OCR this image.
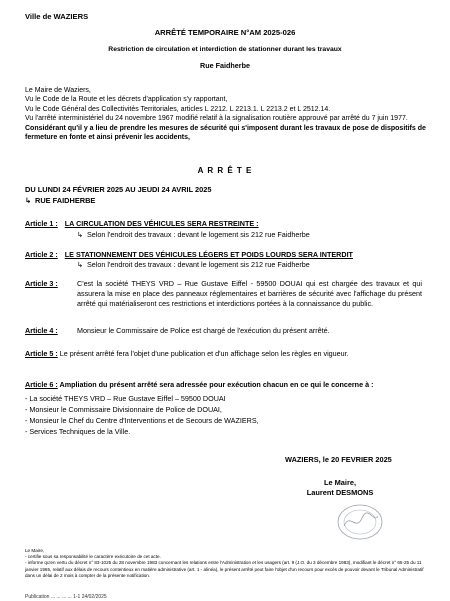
Ville de WAZIERS
ARRÊTÉ TEMPORAIRE N°AM 2025-026
Restriction de circulation et interdiction de stationner durant les travaux
Rue Faidherbe

Le Maire de Waziers,

Vu le Code de la Route et les décrets d'application s'y rapportant,

Vu le Code Général des Collectivités Territoriales, articles L 2212. L 2213.1. L 2213.2 et L 2512.14.

Vu l'arrêté interministériel du 24 novembre 1967 modifié relatif à la signalisation routière approuvé par arrêté du 7 juin 1977.

Considérant qu'il y a lieu de prendre les mesures de sécurité qui s'imposent durant les travaux de pose de dispositifs de fermeture en fonte et ainsi prévenir les accidents,

A R R Ê T E
DU LUNDI 24 FÉVRIER 2025 AU JEUDI 24 AVRIL 2025
↳ RUE FAIDHERBE
Article 1 : LA CIRCULATION DES VÉHICULES SERA RESTREINTE :
↳ Selon l'endroit des travaux : devant le logement sis 212 rue Faidherbe
Article 2 : LE STATIONNEMENT DES VÉHICULES LÉGERS ET POIDS LOURDS SERA INTERDIT
↳ Selon l'endroit des travaux : devant le logement sis 212 rue Faidherbe
Article 3 :	C'est la société THEYS VRD – Rue Gustave Eiffel - 59500 DOUAI qui est chargée des travaux et qui assurera la mise en place des panneaux réglementaires et barrières de sécurité avec l'affichage du présent arrêté qui matérialiseront ces restrictions et interdictions portées à la connaissance du public.
Article 4 :	Monsieur le Commissaire de Police est chargé de l'exécution du présent arrêté.
Article 5 : Le présent arrêté fera l'objet d'une publication et d'un affichage selon les règles en vigueur.

Article 6 : Ampliation du présent arrêté sera adressée pour exécution chacun en ce qui le concerne à :

- La société THEYS VRD – Rue Gustave Eiffel – 59500 DOUAI

- Monsieur le Commissaire Divisionnaire de Police de DOUAI,

- Monsieur le Chef du Centre d'Interventions et de Secours de WAZIERS,

- Services Techniques de la Ville.

WAZIERS, le 20 FEVRIER 2025
Le Maire,
Laurent DESMONS

Le Maire,

- certifie sous sa responsabilité le caractère exécutoire de cet acte.

- informe qu'en vertu du décret n° 83-1025 du 28 novembre 1983 concernant les relations entre l'Administration et les usagers (art. 9 (J.O. du 3 décembre 1983), modifiant le décret n° 65-25 du 11 janvier 1965, relatif aux délais de recours contentieux en matière administrative (art. 1 - alinéa), le présent arrêté peut faire l'objet d'un recours pour excès de pouvoir devant le Tribunal Administratif dans un délai de 2 mois à compter de la présente notification.

Publication ... ... ... ... 1-1 24/02/2025
